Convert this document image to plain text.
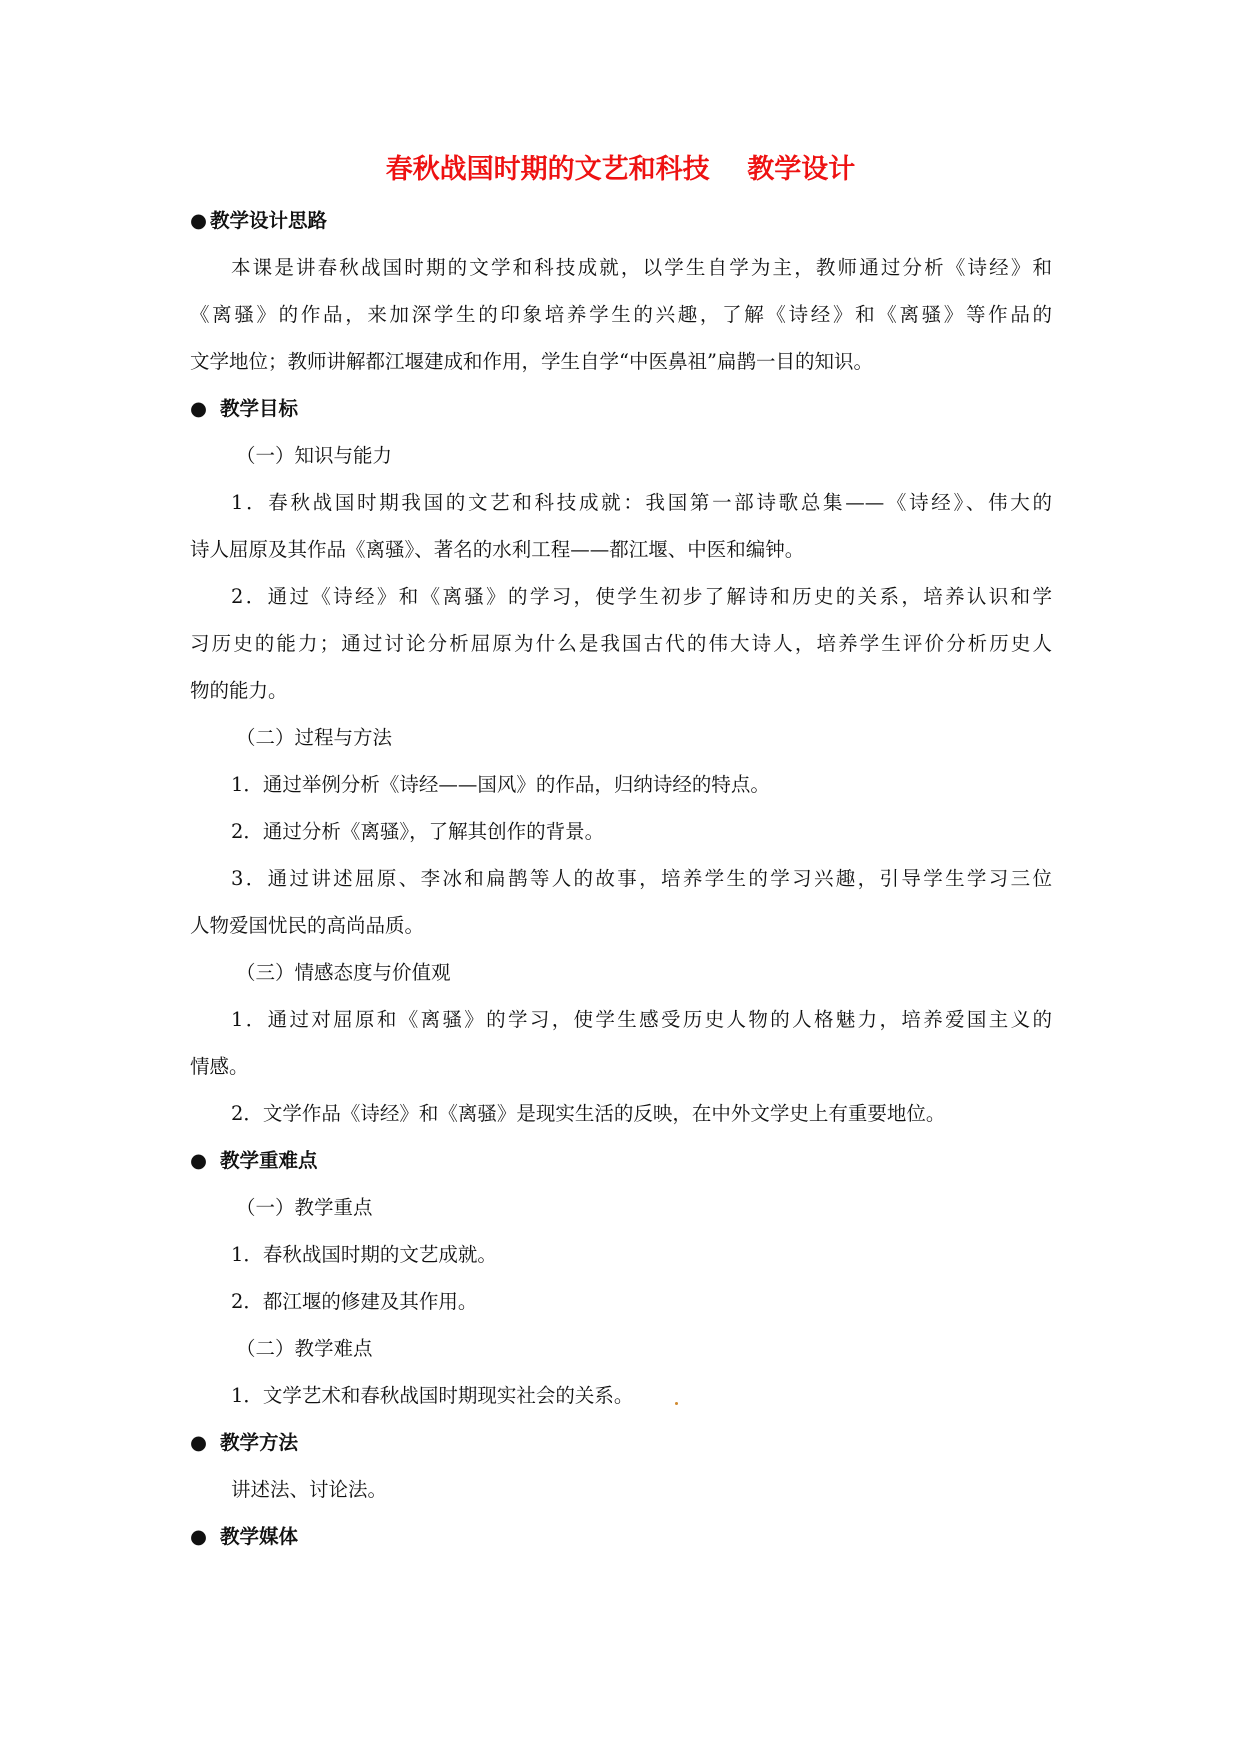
春秋战国时期的文艺和科技    教学设计
● 教学设计思路
本课是讲春秋战国时期的文学和科技成就，以学生自学为主，教师通过分析《诗经》和
《离骚》的作品，来加深学生的印象培养学生的兴趣，了解《诗经》和《离骚》等作品的
文学地位；教师讲解都江堰建成和作用，学生自学“中医鼻祖”扁鹊一目的知识。
● 教学目标
（一）知识与能力
1．春秋战国时期我国的文艺和科技成就：我国第一部诗歌总集——《诗经》、伟大的
诗人屈原及其作品《离骚》、著名的水利工程——都江堰、中医和编钟。
2．通过《诗经》和《离骚》的学习，使学生初步了解诗和历史的关系，培养认识和学
习历史的能力；通过讨论分析屈原为什么是我国古代的伟大诗人，培养学生评价分析历史人
物的能力。
（二）过程与方法
1．通过举例分析《诗经——国风》的作品，归纳诗经的特点。
2．通过分析《离骚》，了解其创作的背景。
3．通过讲述屈原、李冰和扁鹊等人的故事，培养学生的学习兴趣，引导学生学习三位
人物爱国忧民的高尚品质。
（三）情感态度与价值观
1．通过对屈原和《离骚》的学习，使学生感受历史人物的人格魅力，培养爱国主义的
情感。
2．文学作品《诗经》和《离骚》是现实生活的反映，在中外文学史上有重要地位。
● 教学重难点
（一）教学重点
1．春秋战国时期的文艺成就。
2．都江堰的修建及其作用。
（二）教学难点
1．文学艺术和春秋战国时期现实社会的关系。
● 教学方法
讲述法、讨论法。
● 教学媒体
